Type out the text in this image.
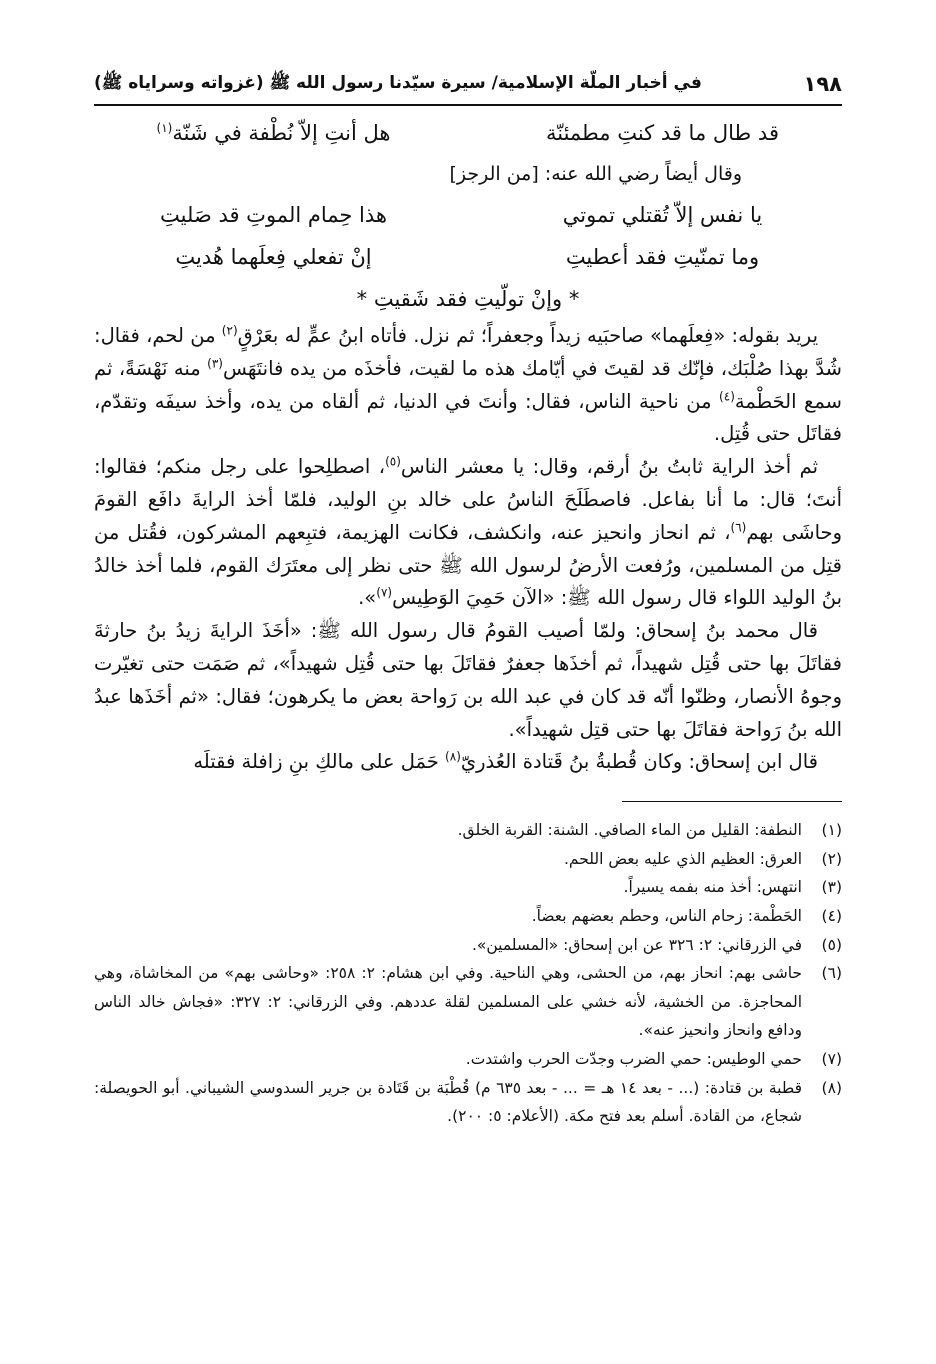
١٩٨
في أخبار الملّة الإسلامية/ سيرة سيّدنا رسول الله ﷺ (غزواته وسراياه ﷺ)
قد طال ما قد كنتِ مطمئنّة
هل أنتِ إلاّ نُطْفة في شَنّة$^{(١)}$
وقال أيضاً رضي الله عنه: [من الرجز]
يا نفس إلاّ تُقتلي تموتي
هذا حِمام الموتِ قد صَليتِ
وما تمنّيتِ فقد أعطيتِ
إنْ تفعلي فِعلَهما هُديتِ
* وإنْ تولّيتِ فقد شَقيتِ *

يريد بقوله: «فِعلَهما» صاحبَيه زيداً وجعفراً؛ ثم نزل. فأتاه ابنُ عمٍّ له بعَرْقٍ$^{(٢)}$ من لحم، فقال: شُدَّ بهذا صُلْبَك، فإنّك قد لقيتَ في أيّامك هذه ما لقيت، فأخذَه من يده فانتَهَس$^{(٣)}$ منه نَهْسَةً، ثم سمع الحَطْمة$^{(٤)}$ من ناحية الناس، فقال: وأنتَ في الدنيا، ثم ألقاه من يده، وأخذ سيفَه وتقدّم، فقاتَل حتى قُتِل.

ثم أخذ الراية ثابتُ بنُ أرقم، وقال: يا معشر الناس$^{(٥)}$، اصطلِحوا على رجل منكم؛ فقالوا: أنتَ؛ قال: ما أنا بفاعل. فاصطَلَحَ الناسُ على خالد بنِ الوليد، فلمّا أخذ الرايةَ دافَع القومَ وحاشَى بهم$^{(٦)}$، ثم انحاز وانحيز عنه، وانكشف، فكانت الهزيمة، فتبِعهم المشركون، فقُتل من قتِل من المسلمين، ورُفعت الأرضُ لرسول الله ﷺ حتى نظر إلى معتَرَك القوم، فلما أخذ خالدُ بنُ الوليد اللواء قال رسول الله ﷺ: «الآن حَمِيَ الوَطِيس$^{(٧)}$».

قال محمد بنُ إسحاق: ولمّا أصيب القومُ قال رسول الله ﷺ: «أخَذَ الرايةَ زيدُ بنُ حارثةَ فقاتَلَ بها حتى قُتِل شهيداً، ثم أخذَها جعفرٌ فقاتَلَ بها حتى قُتِل شهيداً»، ثم صَمَت حتى تغيّرت وجوهُ الأنصار، وظنّوا أنّه قد كان في عبد الله بن رَواحة بعض ما يكرهون؛ فقال: «ثم أخَذَها عبدُ الله بنُ رَواحة فقاتَلَ بها حتى قتِل شهيداً».

قال ابن إسحاق: وكان قُطبةُ بنُ قَتادة العُذريّ$^{(٨)}$ حَمَل على مالكِ بنِ زافلة فقتلَه

(١)
النطفة: القليل من الماء الصافي. الشنة: القربة الخلق.
(٢)
العرق: العظيم الذي عليه بعض اللحم.
(٣)
انتهس: أخذ منه بفمه يسيراً.
(٤)
الحَطْمة: زحام الناس، وحطم بعضهم بعضاً.
(٥)
في الزرقاني: ٢: ٣٢٦ عن ابن إسحاق: «المسلمين».
(٦)
حاشى بهم: انحاز بهم، من الحشى، وهي الناحية. وفي ابن هشام: ٢: ٢٥٨: «وحاشى بهم» من المخاشاة، وهي المحاجزة. من الخشية، لأنه خشي على المسلمين لقلة عددهم. وفي الزرقاني: ٢: ٣٢٧: «فجاش خالد الناس ودافع وانحاز وانحيز عنه».
(٧)
حمي الوطيس: حمي الضرب وجدّت الحرب واشتدت.
(٨)
قطبة بن قتادة: (... - بعد ١٤ هـ = ... - بعد ٦٣٥ م) قُطْبَة بن قَتَادة بن جرير السدوسي الشيباني. أبو الحويصلة: شجاع، من القادة. أسلم بعد فتح مكة. (الأعلام: ٥: ٢٠٠).
